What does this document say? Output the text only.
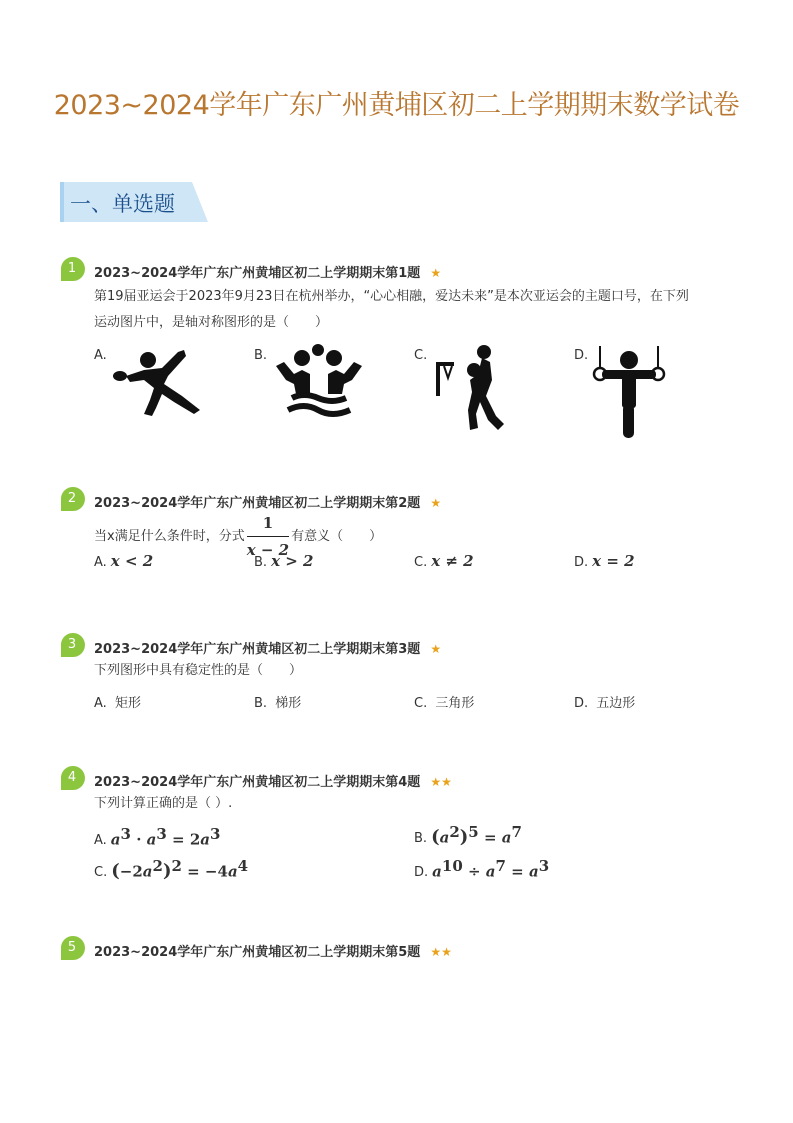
2023~2024学年广东广州黄埔区初二上学期期末数学试卷
一、单选题
1	2023~2024学年广东广州黄埔区初二上学期期末第1题 ★
第19届亚运会于2023年9月23日在杭州举办，“心心相融，爱达未来”是本次亚运会的主题口号，在下列
运动图片中，是轴对称图形的是（　　）
A.	B.	C.	D.
2	2023~2024学年广东广州黄埔区初二上学期期末第2题 ★
当x满足什么条件时，分式 $\frac{1}{x - 2}$ 有意义（　　）
A. x < 2	B. x > 2	C. x ≠ 2	D. x = 2
3	2023~2024学年广东广州黄埔区初二上学期期末第3题 ★
下列图形中具有稳定性的是（　　）
A. 矩形	B. 梯形	C. 三角形	D. 五边形
4	2023~2024学年广东广州黄埔区初二上学期期末第4题 ★★
下列计算正确的是（ ）.
A. $a^3 \cdot a^3 = 2a^3$	B. $(a^2)^5 = a^7$
C. $(-2a^2)^2 = -4a^4$	D. $a^{10} \div a^7 = a^3$
5	2023~2024学年广东广州黄埔区初二上学期期末第5题 ★★
